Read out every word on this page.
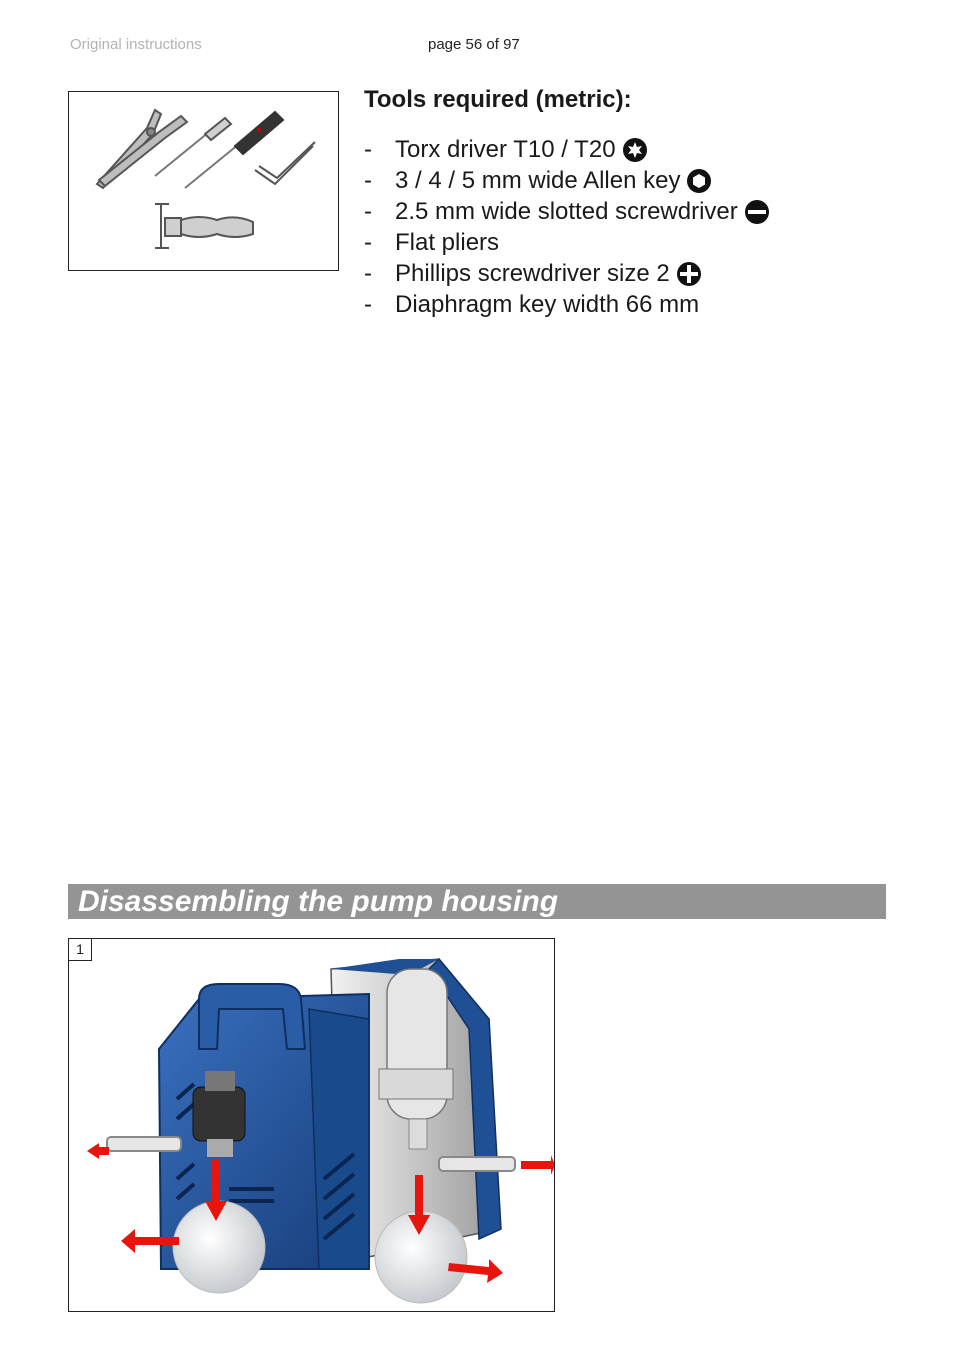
Original instructions	page 56 of 97
Tools required (metric):
- Torx driver T10 / T20
- 3 / 4 / 5 mm wide Allen key
- 2.5 mm wide slotted screwdriver
- Flat pliers
- Phillips screwdriver size 2
- Diaphragm key width 66 mm
Disassembling the pump housing
1
